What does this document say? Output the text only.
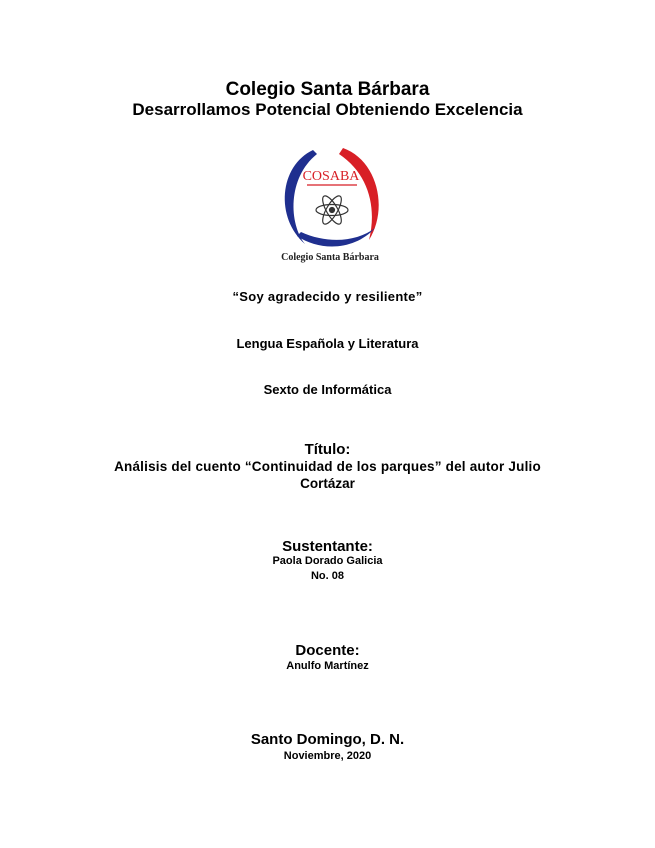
Colegio Santa Bárbara
Desarrollamos Potencial Obteniendo Excelencia
COSABA
Colegio Santa Bárbara
“Soy agradecido y resiliente”
Lengua Española y Literatura
Sexto de Informática
Título:
Análisis del cuento “Continuidad de los parques” del autor Julio
Cortázar
Sustentante:
Paola Dorado Galicia
No. 08
Docente:
Anulfo Martínez
Santo Domingo, D. N.
Noviembre, 2020
